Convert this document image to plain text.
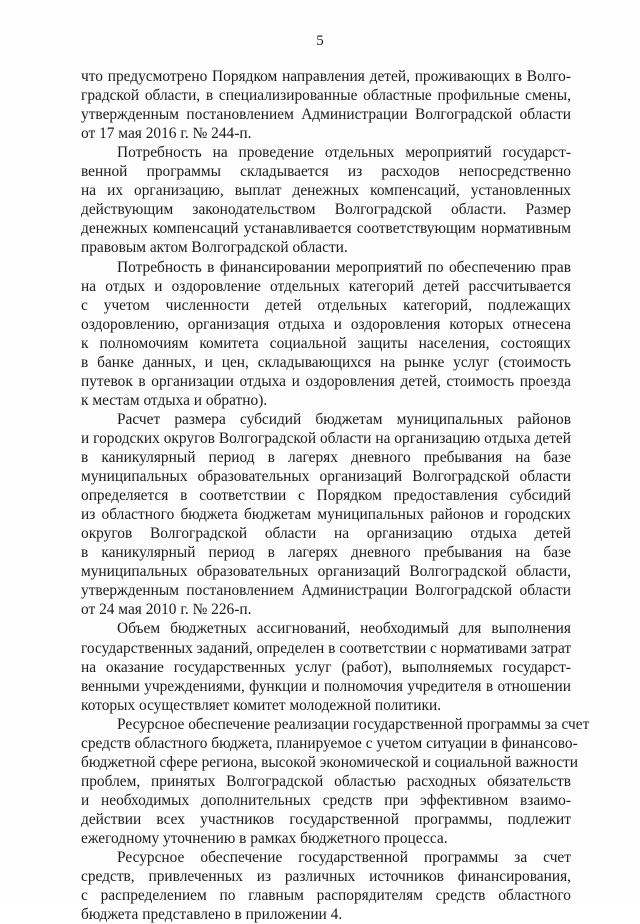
5
что предусмотрено Порядком направления детей, проживающих в Волго-
градской области, в специализированные областные профильные смены,
утвержденным постановлением Администрации Волгоградской области
от 17 мая 2016 г. № 244-п.
Потребность на проведение отдельных мероприятий государст-
венной программы складывается из расходов непосредственно
на их организацию, выплат денежных компенсаций, установленных
действующим законодательством Волгоградской области. Размер
денежных компенсаций устанавливается соответствующим нормативным
правовым актом Волгоградской области.
Потребность в финансировании мероприятий по обеспечению прав
на отдых и оздоровление отдельных категорий детей рассчитывается
с учетом численности детей отдельных категорий, подлежащих
оздоровлению, организация отдыха и оздоровления которых отнесена
к полномочиям комитета социальной защиты населения, состоящих
в банке данных, и цен, складывающихся на рынке услуг (стоимость
путевок в организации отдыха и оздоровления детей, стоимость проезда
к местам отдыха и обратно).
Расчет размера субсидий бюджетам муниципальных районов
и городских округов Волгоградской области на организацию отдыха детей
в каникулярный период в лагерях дневного пребывания на базе
муниципальных образовательных организаций Волгоградской области
определяется в соответствии с Порядком предоставления субсидий
из областного бюджета бюджетам муниципальных районов и городских
округов Волгоградской области на организацию отдыха детей
в каникулярный период в лагерях дневного пребывания на базе
муниципальных образовательных организаций Волгоградской области,
утвержденным постановлением Администрации Волгоградской области
от 24 мая 2010 г. № 226-п.
Объем бюджетных ассигнований, необходимый для выполнения
государственных заданий, определен в соответствии с нормативами затрат
на оказание государственных услуг (работ), выполняемых государст-
венными учреждениями, функции и полномочия учредителя в отношении
которых осуществляет комитет молодежной политики.
Ресурсное обеспечение реализации государственной программы за счет
средств областного бюджета, планируемое с учетом ситуации в финансово-
бюджетной сфере региона, высокой экономической и социальной важности
проблем, принятых Волгоградской областью расходных обязательств
и необходимых дополнительных средств при эффективном взаимо-
действии всех участников государственной программы, подлежит
ежегодному уточнению в рамках бюджетного процесса.
Ресурсное обеспечение государственной программы за счет
средств, привлеченных из различных источников финансирования,
с распределением по главным распорядителям средств областного
бюджета представлено в приложении 4.
